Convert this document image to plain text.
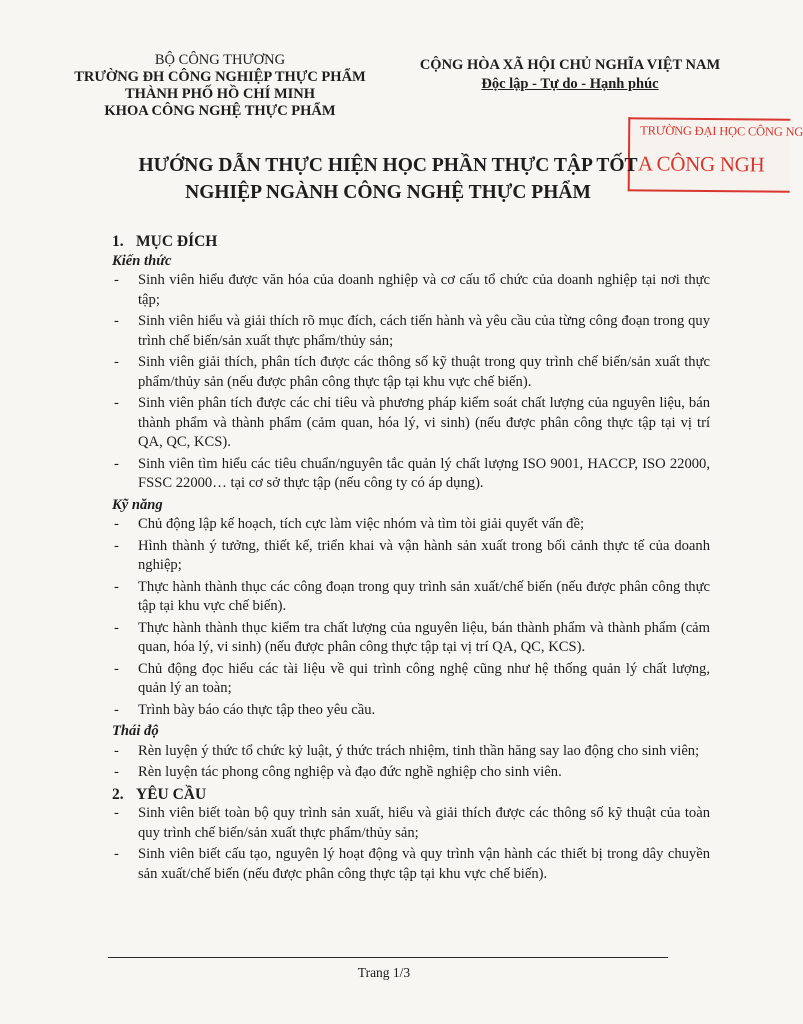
BỘ CÔNG THƯƠNG
TRƯỜNG ĐH CÔNG NGHIỆP THỰC PHẨM
THÀNH PHỐ HỒ CHÍ MINH
KHOA CÔNG NGHỆ THỰC PHẨM
CỘNG HÒA XÃ HỘI CHỦ NGHĨA VIỆT NAM
Độc lập - Tự do - Hạnh phúc
TRƯỜNG ĐẠI HỌC CÔNG NG
A CÔNG NGH
HƯỚNG DẪN THỰC HIỆN HỌC PHẦN THỰC TẬP TỐT
NGHIỆP NGÀNH CÔNG NGHỆ THỰC PHẨM

1. MỤC ĐÍCH

Kiến thức

- Sinh viên hiểu được văn hóa của doanh nghiệp và cơ cấu tổ chức của doanh nghiệp tại nơi thực tập;
- Sinh viên hiểu và giải thích rõ mục đích, cách tiến hành và yêu cầu của từng công đoạn trong quy trình chế biến/sản xuất thực phẩm/thủy sản;
- Sinh viên giải thích, phân tích được các thông số kỹ thuật trong quy trình chế biến/sản xuất thực phẩm/thủy sản (nếu được phân công thực tập tại khu vực chế biến).
- Sinh viên phân tích được các chỉ tiêu và phương pháp kiểm soát chất lượng của nguyên liệu, bán thành phẩm và thành phẩm (cảm quan, hóa lý, vi sinh) (nếu được phân công thực tập tại vị trí QA, QC, KCS).
- Sinh viên tìm hiểu các tiêu chuẩn/nguyên tắc quản lý chất lượng ISO 9001, HACCP, ISO 22000, FSSC 22000… tại cơ sở thực tập (nếu công ty có áp dụng).

Kỹ năng

- Chủ động lập kế hoạch, tích cực làm việc nhóm và tìm tòi giải quyết vấn đề;
- Hình thành ý tưởng, thiết kế, triển khai và vận hành sản xuất trong bối cảnh thực tế của doanh nghiệp;
- Thực hành thành thục các công đoạn trong quy trình sản xuất/chế biến (nếu được phân công thực tập tại khu vực chế biến).
- Thực hành thành thục kiểm tra chất lượng của nguyên liệu, bán thành phẩm và thành phẩm (cảm quan, hóa lý, vi sinh) (nếu được phân công thực tập tại vị trí QA, QC, KCS).
- Chủ động đọc hiểu các tài liệu về qui trình công nghệ cũng như hệ thống quản lý chất lượng, quản lý an toàn;
- Trình bày báo cáo thực tập theo yêu cầu.

Thái độ

- Rèn luyện ý thức tổ chức kỷ luật, ý thức trách nhiệm, tinh thần hăng say lao động cho sinh viên;
- Rèn luyện tác phong công nghiệp và đạo đức nghề nghiệp cho sinh viên.

2. YÊU CẦU

- Sinh viên biết toàn bộ quy trình sản xuất, hiểu và giải thích được các thông số kỹ thuật của toàn quy trình chế biến/sản xuất thực phẩm/thủy sản;
- Sinh viên biết cấu tạo, nguyên lý hoạt động và quy trình vận hành các thiết bị trong dây chuyền sản xuất/chế biến (nếu được phân công thực tập tại khu vực chế biến).
Trang 1/3
